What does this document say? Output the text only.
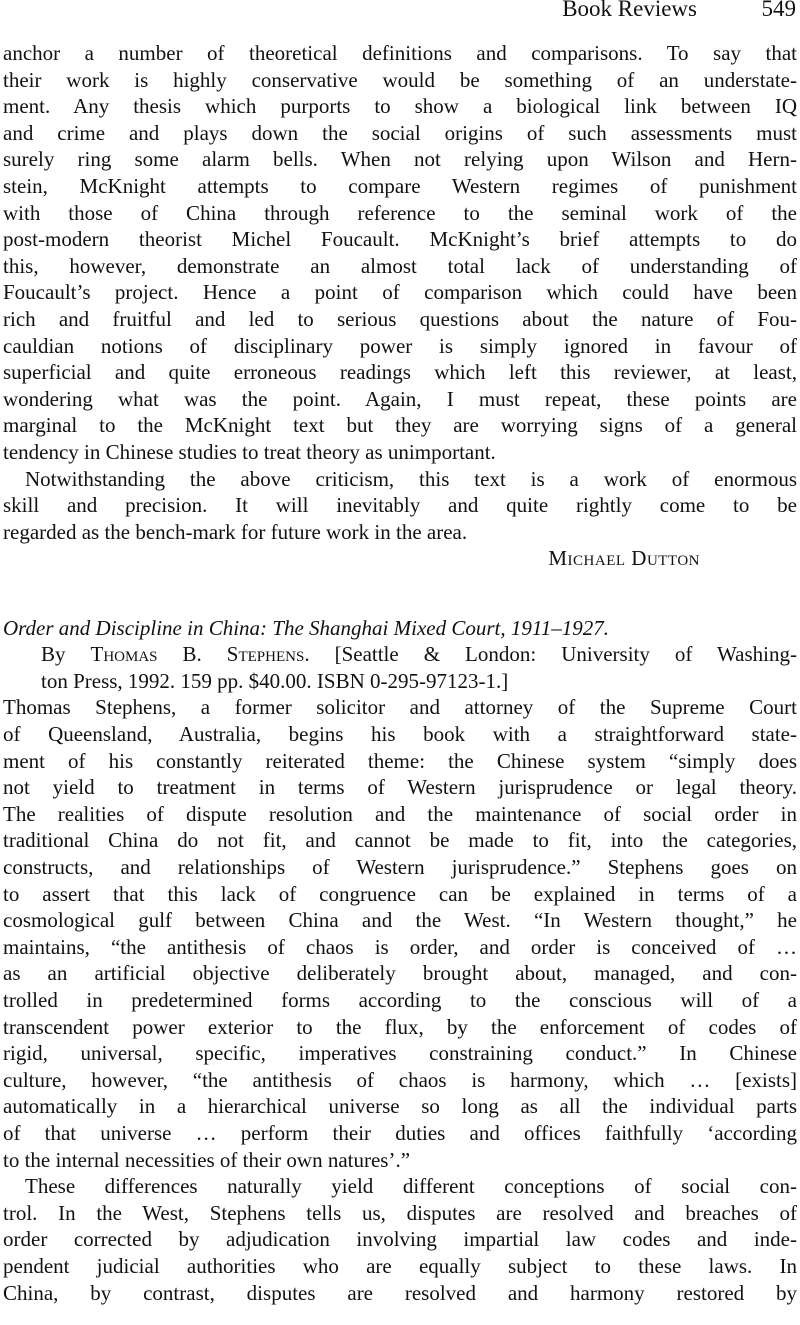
Book Reviews	549
anchor a number of theoretical definitions and comparisons. To say that
their work is highly conservative would be something of an understate-
ment. Any thesis which purports to show a biological link between IQ
and crime and plays down the social origins of such assessments must
surely ring some alarm bells. When not relying upon Wilson and Hern-
stein, McKnight attempts to compare Western regimes of punishment
with those of China through reference to the seminal work of the
post-modern theorist Michel Foucault. McKnight’s brief attempts to do
this, however, demonstrate an almost total lack of understanding of
Foucault’s project. Hence a point of comparison which could have been
rich and fruitful and led to serious questions about the nature of Fou-
cauldian notions of disciplinary power is simply ignored in favour of
superficial and quite erroneous readings which left this reviewer, at least,
wondering what was the point. Again, I must repeat, these points are
marginal to the McKnight text but they are worrying signs of a general
tendency in Chinese studies to treat theory as unimportant.
Notwithstanding the above criticism, this text is a work of enormous
skill and precision. It will inevitably and quite rightly come to be
regarded as the bench-mark for future work in the area.
Michael Dutton
Order and Discipline in China: The Shanghai Mixed Court, 1911–1927.
By Thomas B. Stephens. [Seattle & London: University of Washing-
ton Press, 1992. 159 pp. $40.00. ISBN 0-295-97123-1.]
Thomas Stephens, a former solicitor and attorney of the Supreme Court
of Queensland, Australia, begins his book with a straightforward state-
ment of his constantly reiterated theme: the Chinese system “simply does
not yield to treatment in terms of Western jurisprudence or legal theory.
The realities of dispute resolution and the maintenance of social order in
traditional China do not fit, and cannot be made to fit, into the categories,
constructs, and relationships of Western jurisprudence.” Stephens goes on
to assert that this lack of congruence can be explained in terms of a
cosmological gulf between China and the West. “In Western thought,” he
maintains, “the antithesis of chaos is order, and order is conceived of …
as an artificial objective deliberately brought about, managed, and con-
trolled in predetermined forms according to the conscious will of a
transcendent power exterior to the flux, by the enforcement of codes of
rigid, universal, specific, imperatives constraining conduct.” In Chinese
culture, however, “the antithesis of chaos is harmony, which … [exists]
automatically in a hierarchical universe so long as all the individual parts
of that universe … perform their duties and offices faithfully ‘according
to the internal necessities of their own natures’.”
These differences naturally yield different conceptions of social con-
trol. In the West, Stephens tells us, disputes are resolved and breaches of
order corrected by adjudication involving impartial law codes and inde-
pendent judicial authorities who are equally subject to these laws. In
China, by contrast, disputes are resolved and harmony restored by
